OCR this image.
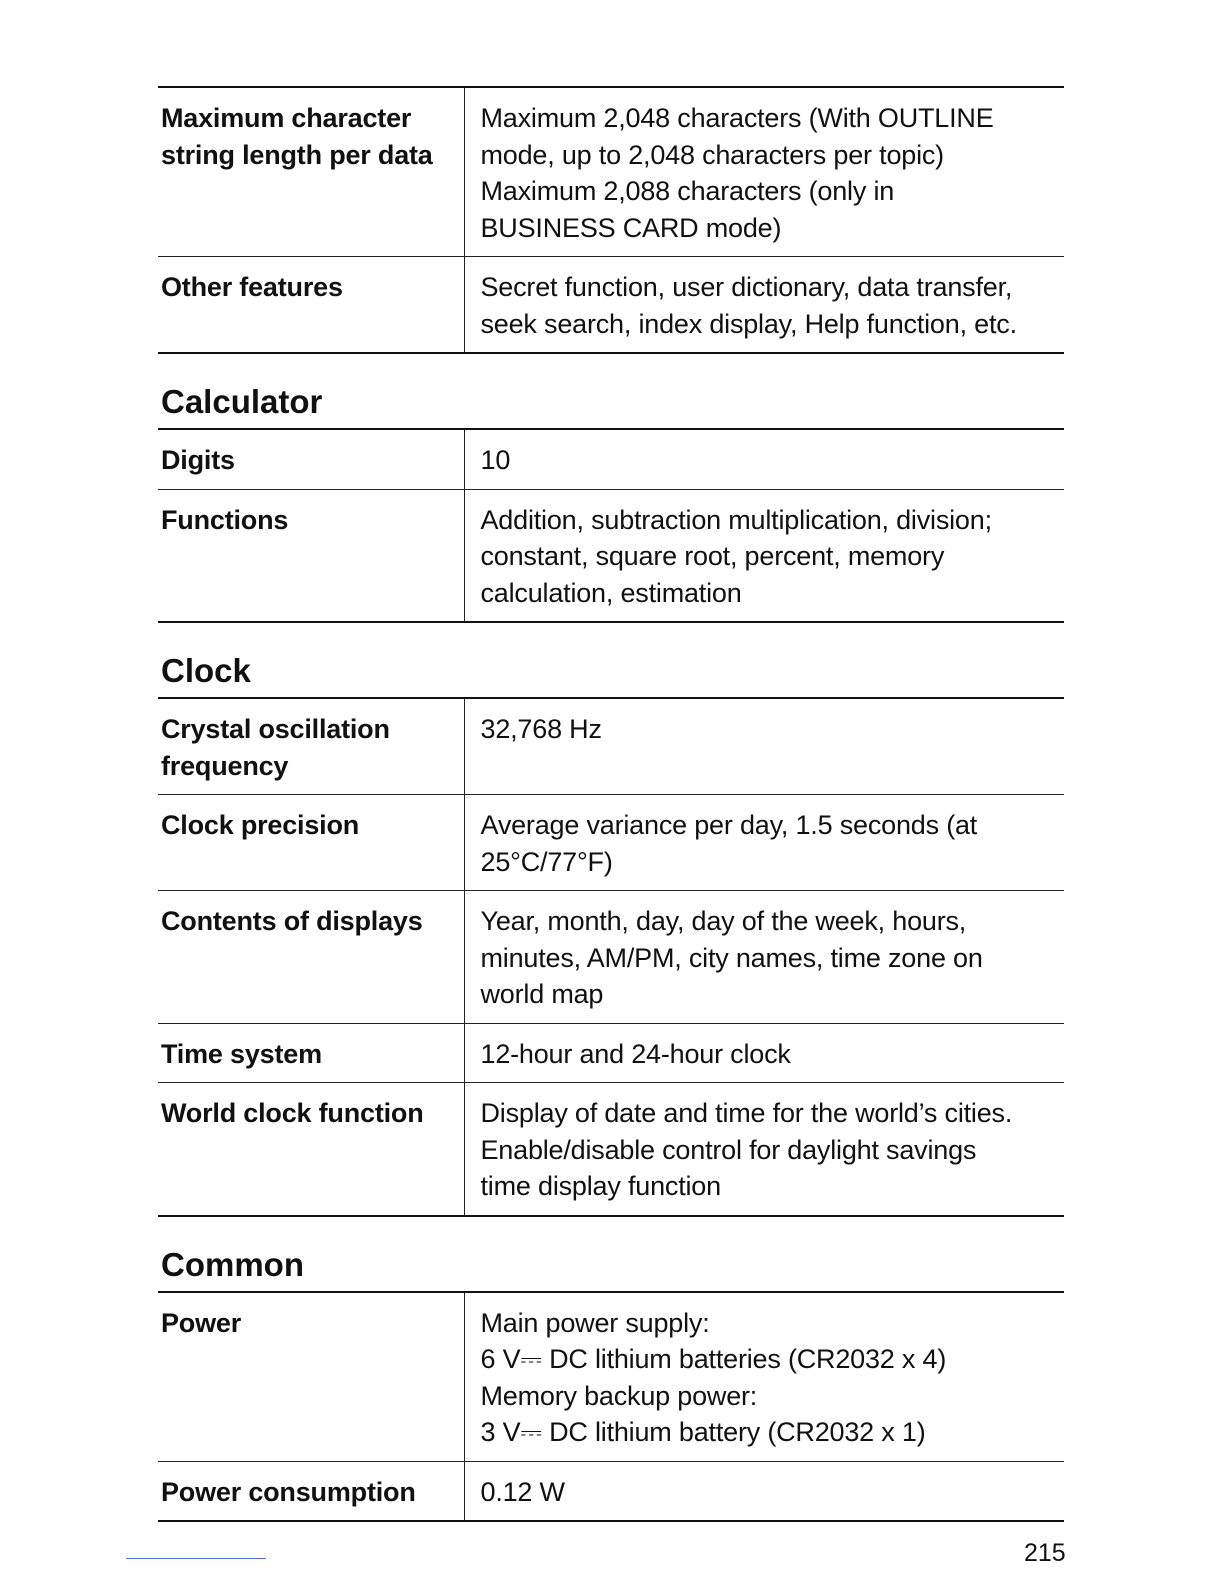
Maximum character
string length per data	Maximum 2,048 characters (With OUTLINE
mode, up to 2,048 characters per topic)
Maximum 2,088 characters (only in
BUSINESS CARD mode)

Other features	Secret function, user dictionary, data transfer,
seek search, index display, Help function, etc.
Calculator
Digits	10

Functions	Addition, subtraction multiplication, division;
constant, square root, percent, memory
calculation, estimation
Clock
Crystal oscillation
frequency	32,768 Hz

Clock precision	Average variance per day, 1.5 seconds (at
25°C/77°F)

Contents of displays	Year, month, day, day of the week, hours,
minutes, AM/PM, city names, time zone on
world map

Time system	12-hour and 24-hour clock

World clock function	Display of date and time for the world’s cities.
Enable/disable control for daylight savings
time display function
Common
Power	Main power supply:
6 V⎓ DC lithium batteries (CR2032 x 4)
Memory backup power:
3 V⎓ DC lithium battery (CR2032 x 1)

Power consumption	0.12 W
215
